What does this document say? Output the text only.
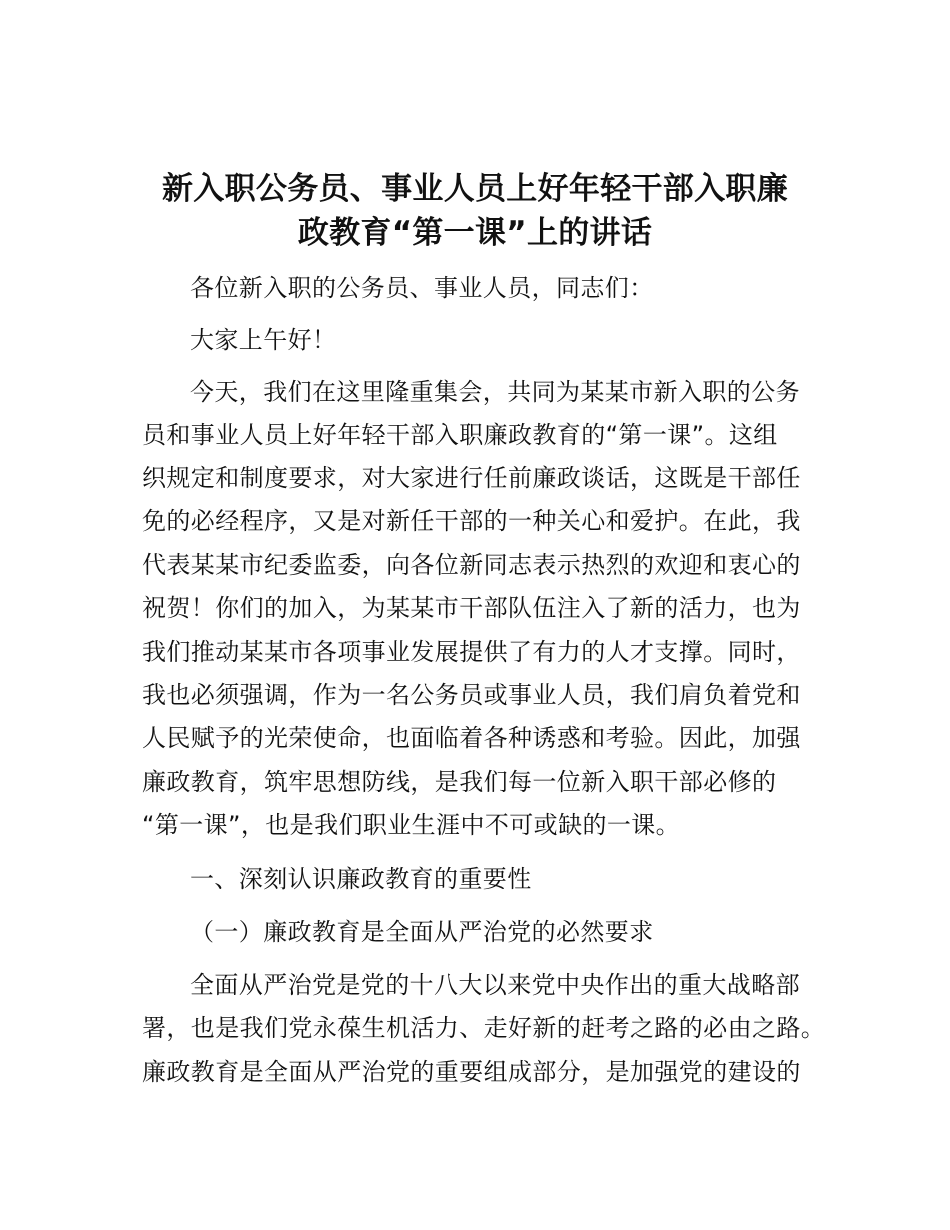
新入职公务员、事业人员上好年轻干部入职廉
政教育“第一课”上的讲话
各位新入职的公务员、事业人员，同志们：
大家上午好！
今天，我们在这里隆重集会，共同为某某市新入职的公务
员和事业人员上好年轻干部入职廉政教育的“第一课”。这组
织规定和制度要求，对大家进行任前廉政谈话，这既是干部任
免的必经程序，又是对新任干部的一种关心和爱护。在此，我
代表某某市纪委监委，向各位新同志表示热烈的欢迎和衷心的
祝贺！你们的加入，为某某市干部队伍注入了新的活力，也为
我们推动某某市各项事业发展提供了有力的人才支撑。同时，
我也必须强调，作为一名公务员或事业人员，我们肩负着党和
人民赋予的光荣使命，也面临着各种诱惑和考验。因此，加强
廉政教育，筑牢思想防线，是我们每一位新入职干部必修的
“第一课”，也是我们职业生涯中不可或缺的一课。
一、深刻认识廉政教育的重要性
（一）廉政教育是全面从严治党的必然要求
全面从严治党是党的十八大以来党中央作出的重大战略部
署，也是我们党永葆生机活力、走好新的赶考之路的必由之路。
廉政教育是全面从严治党的重要组成部分，是加强党的建设的
